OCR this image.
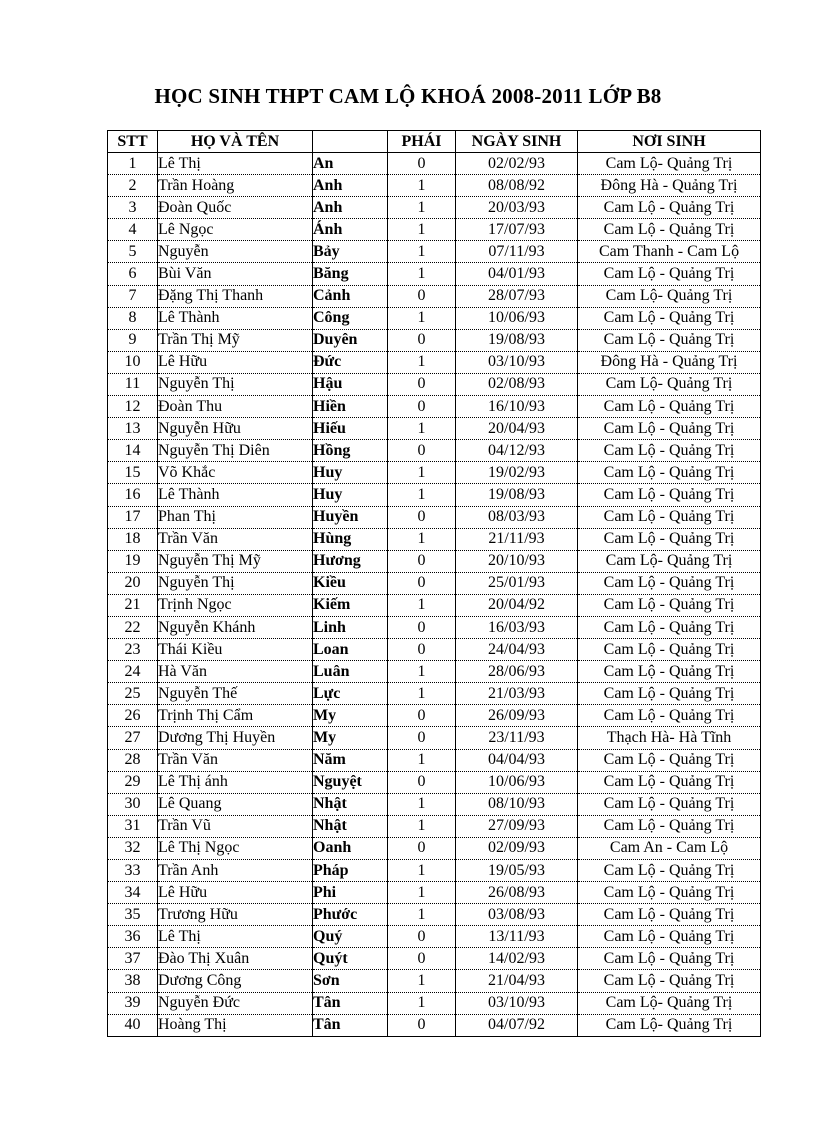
HỌC SINH THPT CAM LỘ KHOÁ 2008-2011 LỚP B8
STT	HỌ VÀ TÊN		PHÁI	NGÀY SINH	NƠI SINH
1	Lê Thị	An	0	02/02/93	Cam Lộ- Quảng Trị
2	Trần Hoàng	Anh	1	08/08/92	Đông Hà - Quảng Trị
3	Đoàn Quốc	Anh	1	20/03/93	Cam Lộ - Quảng Trị
4	Lê Ngọc	Ánh	1	17/07/93	Cam Lộ - Quảng Trị
5	Nguyễn	Bảy	1	07/11/93	Cam Thanh - Cam Lộ
6	Bùi Văn	Băng	1	04/01/93	Cam Lộ - Quảng Trị
7	Đặng Thị Thanh	Cảnh	0	28/07/93	Cam Lộ- Quảng Trị
8	Lê Thành	Công	1	10/06/93	Cam Lộ - Quảng Trị
9	Trần Thị Mỹ	Duyên	0	19/08/93	Cam Lộ - Quảng Trị
10	Lê Hữu	Đức	1	03/10/93	Đông Hà - Quảng Trị
11	Nguyễn Thị	Hậu	0	02/08/93	Cam Lộ- Quảng Trị
12	Đoàn Thu	Hiền	0	16/10/93	Cam Lộ - Quảng Trị
13	Nguyễn Hữu	Hiếu	1	20/04/93	Cam Lộ - Quảng Trị
14	Nguyễn Thị Diên	Hồng	0	04/12/93	Cam Lộ - Quảng Trị
15	Võ Khắc	Huy	1	19/02/93	Cam Lộ - Quảng Trị
16	Lê Thành	Huy	1	19/08/93	Cam Lộ - Quảng Trị
17	Phan Thị	Huyền	0	08/03/93	Cam Lộ - Quảng Trị
18	Trần Văn	Hùng	1	21/11/93	Cam Lộ - Quảng Trị
19	Nguyễn Thị Mỹ	Hương	0	20/10/93	Cam Lộ- Quảng Trị
20	Nguyễn Thị	Kiều	0	25/01/93	Cam Lộ - Quảng Trị
21	Trịnh Ngọc	Kiếm	1	20/04/92	Cam Lộ - Quảng Trị
22	Nguyễn Khánh	Linh	0	16/03/93	Cam Lộ - Quảng Trị
23	Thái Kiều	Loan	0	24/04/93	Cam Lộ - Quảng Trị
24	Hà Văn	Luân	1	28/06/93	Cam Lộ - Quảng Trị
25	Nguyễn Thế	Lực	1	21/03/93	Cam Lộ - Quảng Trị
26	Trịnh Thị Cẩm	My	0	26/09/93	Cam Lộ - Quảng Trị
27	Dương Thị Huyền	My	0	23/11/93	Thạch Hà- Hà Tĩnh
28	Trần Văn	Năm	1	04/04/93	Cam Lộ - Quảng Trị
29	Lê Thị ánh	Nguyệt	0	10/06/93	Cam Lộ - Quảng Trị
30	Lê Quang	Nhật	1	08/10/93	Cam Lộ - Quảng Trị
31	Trần Vũ	Nhật	1	27/09/93	Cam Lộ - Quảng Trị
32	Lê Thị Ngọc	Oanh	0	02/09/93	Cam An - Cam Lộ
33	Trần Anh	Pháp	1	19/05/93	Cam Lộ - Quảng Trị
34	Lê Hữu	Phi	1	26/08/93	Cam Lộ - Quảng Trị
35	Trương Hữu	Phước	1	03/08/93	Cam Lộ - Quảng Trị
36	Lê Thị	Quý	0	13/11/93	Cam Lộ - Quảng Trị
37	Đào Thị Xuân	Quýt	0	14/02/93	Cam Lộ - Quảng Trị
38	Dương Công	Sơn	1	21/04/93	Cam Lộ - Quảng Trị
39	Nguyễn Đức	Tân	1	03/10/93	Cam Lộ- Quảng Trị
40	Hoàng Thị	Tân	0	04/07/92	Cam Lộ- Quảng Trị
